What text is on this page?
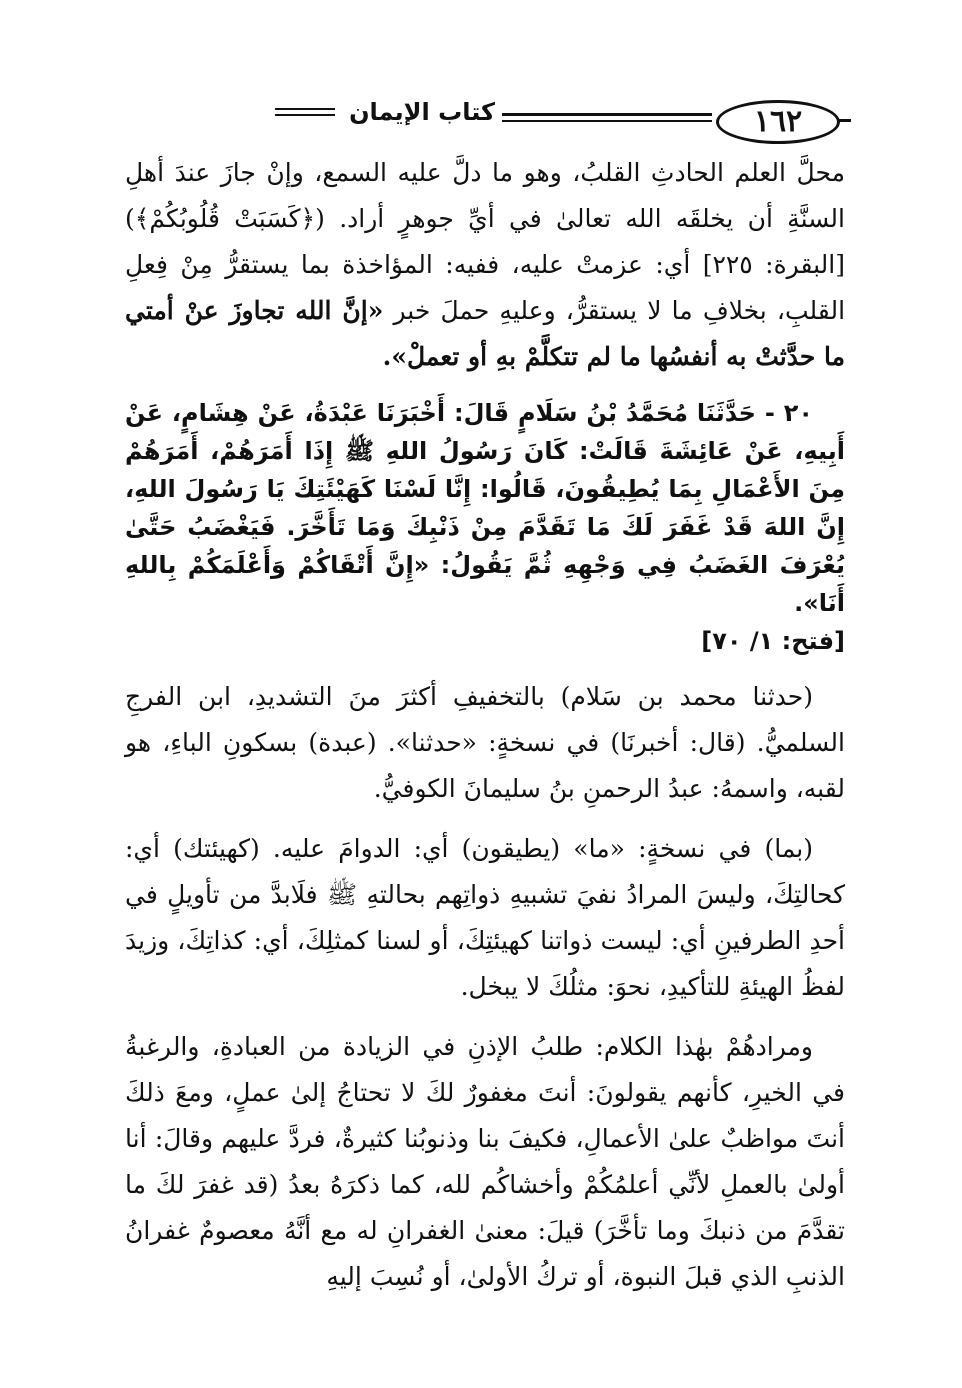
١٦٢
كتاب الإيمان

محلَّ العلم الحادثِ القلبُ، وهو ما دلَّ عليه السمع، وإنْ جازَ عندَ أهلِ السنَّةِ أن يخلقَه الله تعالىٰ في أيِّ جوهرٍ أراد. (﴿كَسَبَتْ قُلُوبُكُمْ﴾) [البقرة: ٢٢٥] أي: عزمتْ عليه، ففيه: المؤاخذة بما يستقرُّ مِنْ فِعلِ القلبِ، بخلافِ ما لا يستقرُّ، وعليهِ حملَ خبر «إنَّ الله تجاوزَ عنْ أمتي ما حدَّثتْ به أنفسُها ما لم تتكلَّمْ بهِ أو تعملْ».

٢٠ - حَدَّثَنَا مُحَمَّدُ بْنُ سَلَامٍ قَالَ: أَخْبَرَنَا عَبْدَةُ، عَنْ هِشَامٍ، عَنْ أَبِيهِ، عَنْ عَائِشَةَ قَالَتْ: كَانَ رَسُولُ اللهِ ﷺ إِذَا أَمَرَهُمْ، أَمَرَهُمْ مِنَ الأَعْمَالِ بِمَا يُطِيقُونَ، قَالُوا: إِنَّا لَسْنَا كَهَيْئَتِكَ يَا رَسُولَ اللهِ، إِنَّ اللهَ قَدْ غَفَرَ لَكَ مَا تَقَدَّمَ مِنْ ذَنْبِكَ وَمَا تَأَخَّرَ. فَيَغْضَبُ حَتَّىٰ يُعْرَفَ الغَضَبُ فِي وَجْهِهِ ثُمَّ يَقُولُ: «إِنَّ أَتْقَاكُمْ وَأَعْلَمَكُمْ بِاللهِ أَنَا».

[فتح: ١/ ٧٠]

(حدثنا محمد بن سَلام) بالتخفيفِ أكثرَ منَ التشديدِ، ابن الفرجِ السلميُّ. (قال: أخبرنَا) في نسخةٍ: «حدثنا». (عبدة) بسكونِ الباءِ، هو لقبه، واسمهُ: عبدُ الرحمنِ بنُ سليمانَ الكوفيُّ.

(بما) في نسخةٍ: «ما» (يطيقون) أي: الدوامَ عليه. (كهيئتك) أي: كحالتِكَ، وليسَ المرادُ نفيَ تشبيهِ ذواتِهم بحالتهِ ﷺ فلَابدَّ من تأويلٍ في أحدِ الطرفينِ أي: ليست ذواتنا كهيئتِكَ، أو لسنا كمثلِكَ، أي: كذاتِكَ، وزيدَ لفظُ الهيئةِ للتأكيدِ، نحوَ: مثلُكَ لا يبخل.

ومرادهُمْ بهٰذا الكلام: طلبُ الإذنِ في الزيادة من العبادةِ، والرغبةُ في الخيرِ، كأنهم يقولونَ: أنتَ مغفورٌ لكَ لا تحتاجُ إلىٰ عملٍ، ومعَ ذلكَ أنتَ مواظبٌ علىٰ الأعمالِ، فكيفَ بنا وذنوبُنا كثيرةٌ، فردَّ عليهم وقالَ: أنا أولىٰ بالعملِ لأنِّي أعلمُكُمْ وأخشاكُم لله، كما ذكرَهُ بعدُ (قد غفرَ لكَ ما تقدَّمَ من ذنبكَ وما تأخَّرَ) قيلَ: معنىٰ الغفرانِ له مع أنَّهُ معصومٌ غفرانُ الذنبِ الذي قبلَ النبوة، أو تركُ الأولىٰ، أو نُسِبَ إليهِ
